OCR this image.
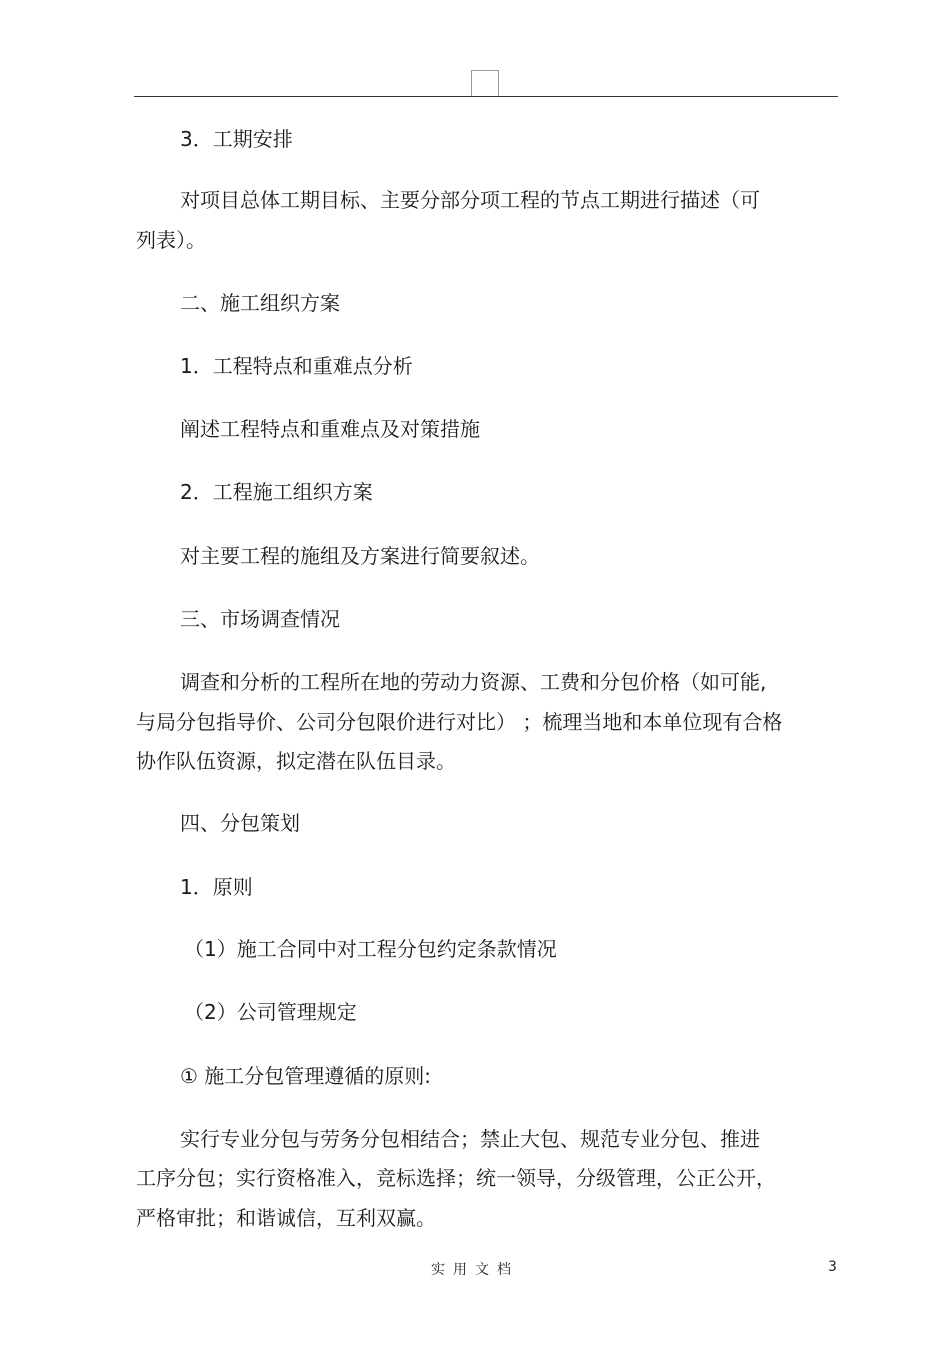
3．工期安排
对项目总体工期目标、主要分部分项工程的节点工期进行描述（可
列表）。
二、施工组织方案
1．工程特点和重难点分析
阐述工程特点和重难点及对策措施
2．工程施工组织方案
对主要工程的施组及方案进行简要叙述。
三、市场调查情况
调查和分析的工程所在地的劳动力资源、工费和分包价格（如可能,
与局分包指导价、公司分包限价进行对比） ；梳理当地和本单位现有合格
协作队伍资源，拟定潜在队伍目录。
四、分包策划
1．原则
（1）施工合同中对工程分包约定条款情况
（2）公司管理规定
① 施工分包管理遵循的原则:
实行专业分包与劳务分包相结合；禁止大包、规范专业分包、推进
工序分包；实行资格准入，竞标选择；统一领导，分级管理，公正公开，
严格审批；和谐诚信，互利双赢。
实用文档	3
